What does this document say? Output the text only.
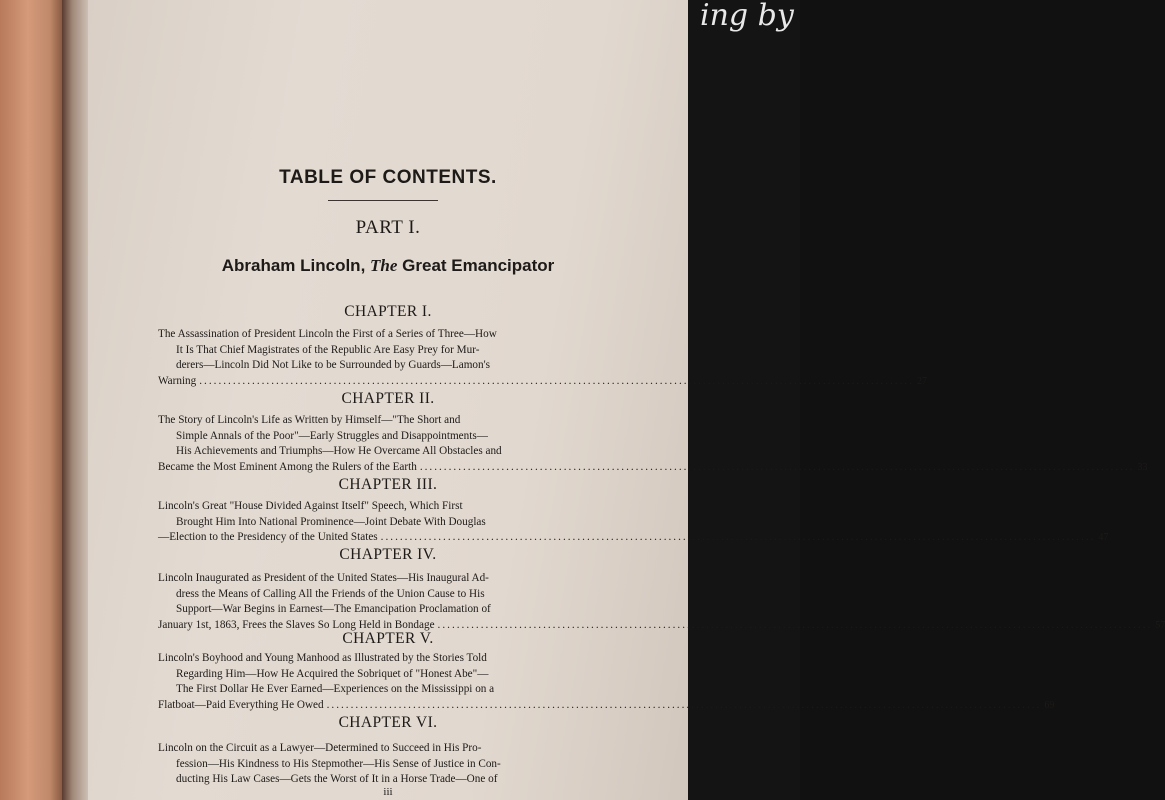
ing by
TABLE OF CONTENTS.
PART I.
Abraham Lincoln, The Great Emancipator
CHAPTER I.
The Assassination of President Lincoln the First of a Series of Three—How
It Is That Chief Magistrates of the Republic Are Easy Prey for Mur-
derers—Lincoln Did Not Like to be Surrounded by Guards—Lamon's
Warning ..................................................................................................................................................... 27
CHAPTER II.
The Story of Lincoln's Life as Written by Himself—"The Short and
Simple Annals of the Poor"—Early Struggles and Disappointments—
His Achievements and Triumphs—How He Overcame All Obstacles and
Became the Most Eminent Among the Rulers of the Earth ..................................................................................................................................................... 33
CHAPTER III.
Lincoln's Great "House Divided Against Itself" Speech, Which First
Brought Him Into National Prominence—Joint Debate With Douglas
—Election to the Presidency of the United States ..................................................................................................................................................... 47
CHAPTER IV.
Lincoln Inaugurated as President of the United States—His Inaugural Ad-
dress the Means of Calling All the Friends of the Union Cause to His
Support—War Begins in Earnest—The Emancipation Proclamation of
January 1st, 1863, Frees the Slaves So Long Held in Bondage ..................................................................................................................................................... 57
CHAPTER V.
Lincoln's Boyhood and Young Manhood as Illustrated by the Stories Told
Regarding Him—How He Acquired the Sobriquet of "Honest Abe"—
The First Dollar He Ever Earned—Experiences on the Mississippi on a
Flatboat—Paid Everything He Owed ..................................................................................................................................................... 69
CHAPTER VI.
Lincoln on the Circuit as a Lawyer—Determined to Succeed in His Pro-
fession—His Kindness to His Stepmother—His Sense of Justice in Con-
ducting His Law Cases—Gets the Worst of It in a Horse Trade—One of
iii
